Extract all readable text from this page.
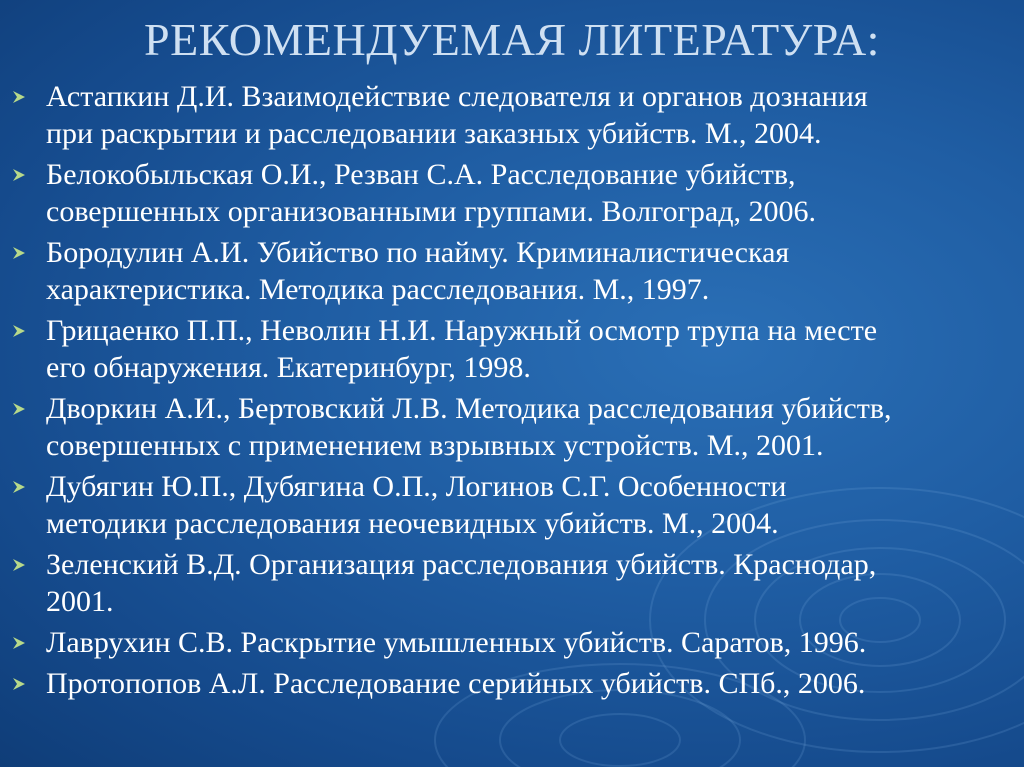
РЕКОМЕНДУЕМАЯ ЛИТЕРАТУРА:
Астапкин Д.И. Взаимодействие следователя и органов дознания
при раскрытии и расследовании заказных убийств. М., 2004.
Белокобыльская О.И., Резван С.А. Расследование убийств,
совершенных организованными группами. Волгоград, 2006.
Бородулин А.И. Убийство по найму. Криминалистическая
характеристика. Методика расследования. М., 1997.
Грицаенко П.П., Неволин Н.И. Наружный осмотр трупа на месте
его обнаружения. Екатеринбург, 1998.
Дворкин А.И., Бертовский Л.В. Методика расследования убийств,
совершенных с применением взрывных устройств. М., 2001.
Дубягин Ю.П., Дубягина О.П., Логинов С.Г. Особенности
методики расследования неочевидных убийств. М., 2004.
Зеленский В.Д. Организация расследования убийств. Краснодар,
2001.
Лаврухин С.В. Раскрытие умышленных убийств. Саратов, 1996.
Протопопов А.Л. Расследование серийных убийств. СПб., 2006.
